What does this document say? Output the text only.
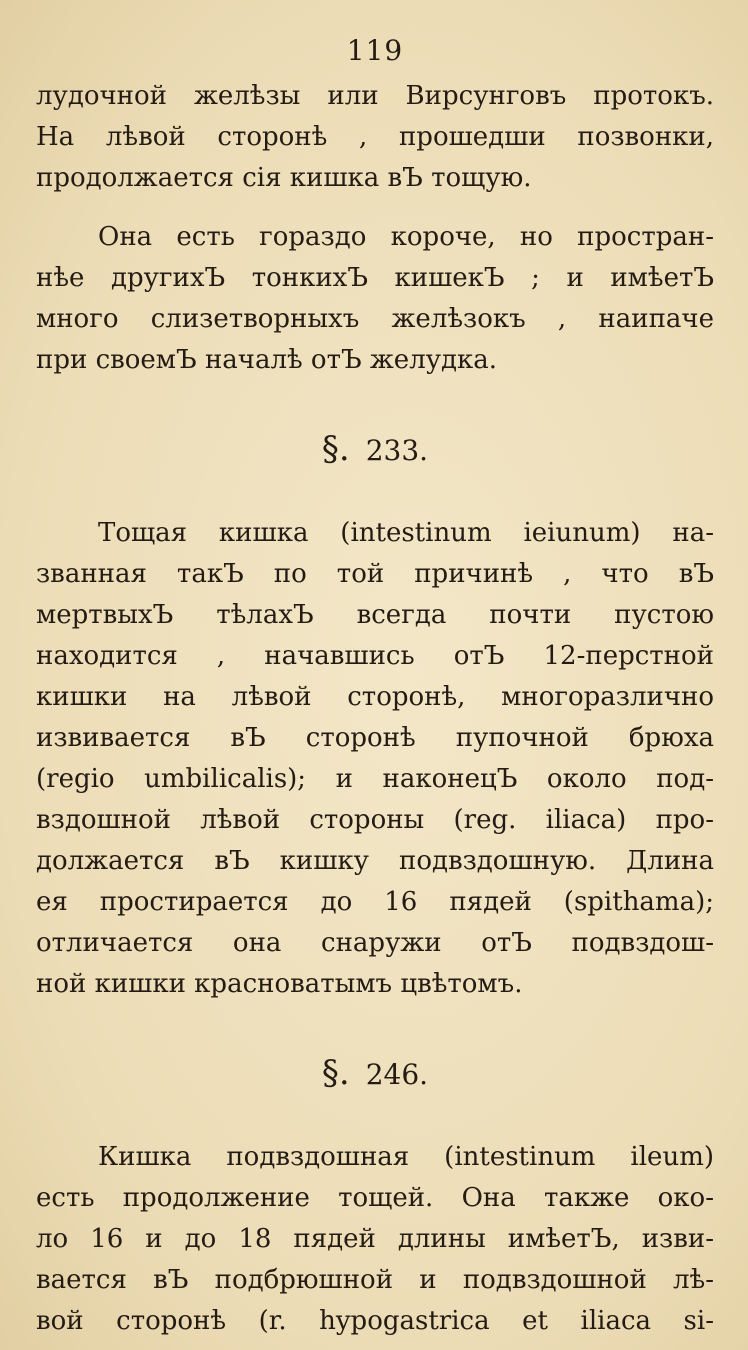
119

лудочной желѣзы или Вирсунговъ протокъ.
На лѣвой сторонѣ , прошедши позвонки,
продолжается сія кишка вЪ тощую.

Она есть гораздо короче, но простран-
нѣе другихЪ тонкихЪ кишекЪ ; и имѣетЪ
много слизетворныхъ желѣзокъ , наипаче
при своемЪ началѣ отЪ желудка.

§. 233.

Тощая кишка (intestinum ieiunum) на-
званная такЪ по той причинѣ , что вЪ
мертвыхЪ тѣлахЪ всегда почти пустою
находится , начавшись отЪ 12-перстной
кишки на лѣвой сторонѣ, многоразлично
извивается вЪ сторонѣ пупочной брюха
(regio umbilicalis); и наконецЪ около под-
вздошной лѣвой стороны (reg. iliaca) про-
должается вЪ кишку подвздошную. Длина
ея простирается до 16 пядей (spithama);
отличается она снаружи отЪ подвздош-
ной кишки красноватымъ цвѣтомъ.

§. 246.

Кишка подвздошная (intestinum ileum)
есть продолжение тощей. Она также око-
ло 16 и до 18 пядей длины имѣетЪ, изви-
вается вЪ подбрюшной и подвздошной лѣ-
вой сторонѣ (r. hypogastrica et iliaca si-
